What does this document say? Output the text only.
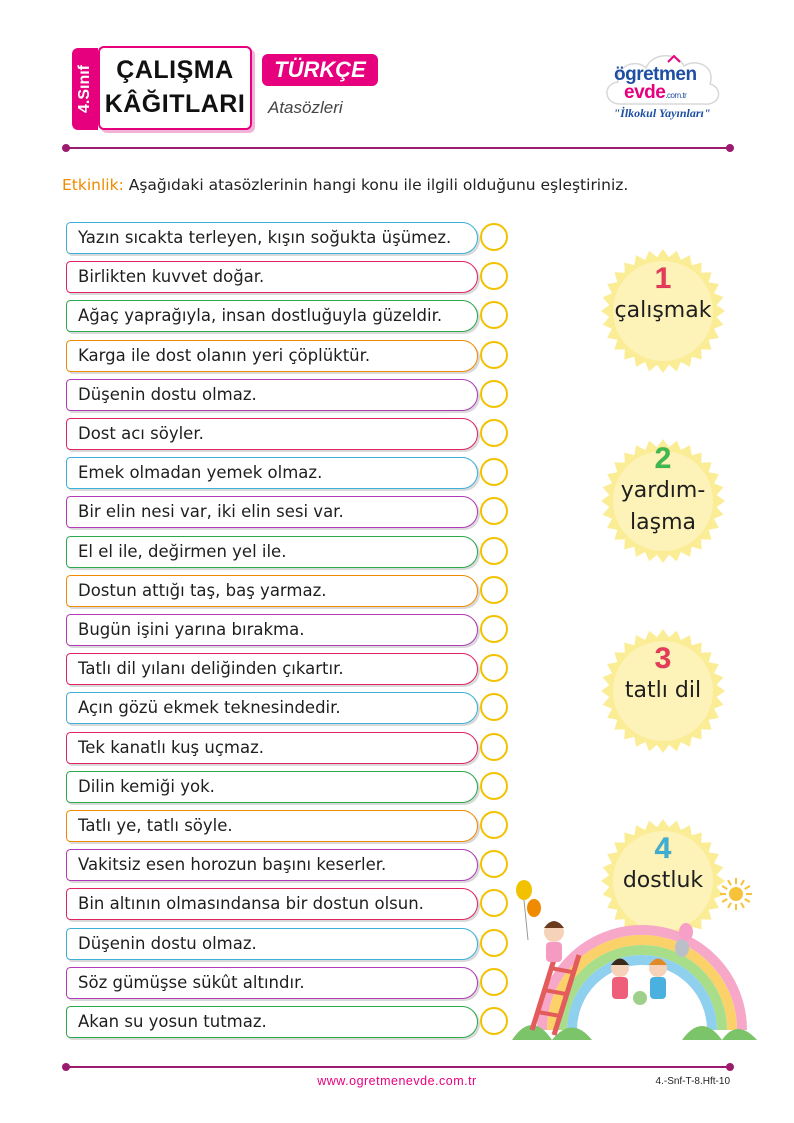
4.Sınıf ÇALIŞMA
KÂĞITLARI
TÜRKÇE
Atasözleri
ögretmen
evde.com.tr
"İlkokul Yayınları"
Etkinlik: Aşağıdaki atasözlerinin hangi konu ile ilgili olduğunu eşleştiriniz.
Yazın sıcakta terleyen, kışın soğukta üşümez.
Birlikten kuvvet doğar.
Ağaç yaprağıyla, insan dostluğuyla güzeldir.
Karga ile dost olanın yeri çöplüktür.
Düşenin dostu olmaz.
Dost acı söyler.
Emek olmadan yemek olmaz.
Bir elin nesi var, iki elin sesi var.
El el ile, değirmen yel ile.
Dostun attığı taş, baş yarmaz.
Bugün işini yarına bırakma.
Tatlı dil yılanı deliğinden çıkartır.
Açın gözü ekmek teknesindedir.
Tek kanatlı kuş uçmaz.
Dilin kemiği yok.
Tatlı ye, tatlı söyle.
Vakitsiz esen horozun başını keserler.
Bin altının olmasındansa bir dostun olsun.
Düşenin dostu olmaz.
Söz gümüşse sükût altındır.
Akan su yosun tutmaz.
1
çalışmak
2
yardım-
laşma
3
tatlı dil
4
dostluk
www.ogretmenevde.com.tr	4.-Snf-T-8.Hft-10
